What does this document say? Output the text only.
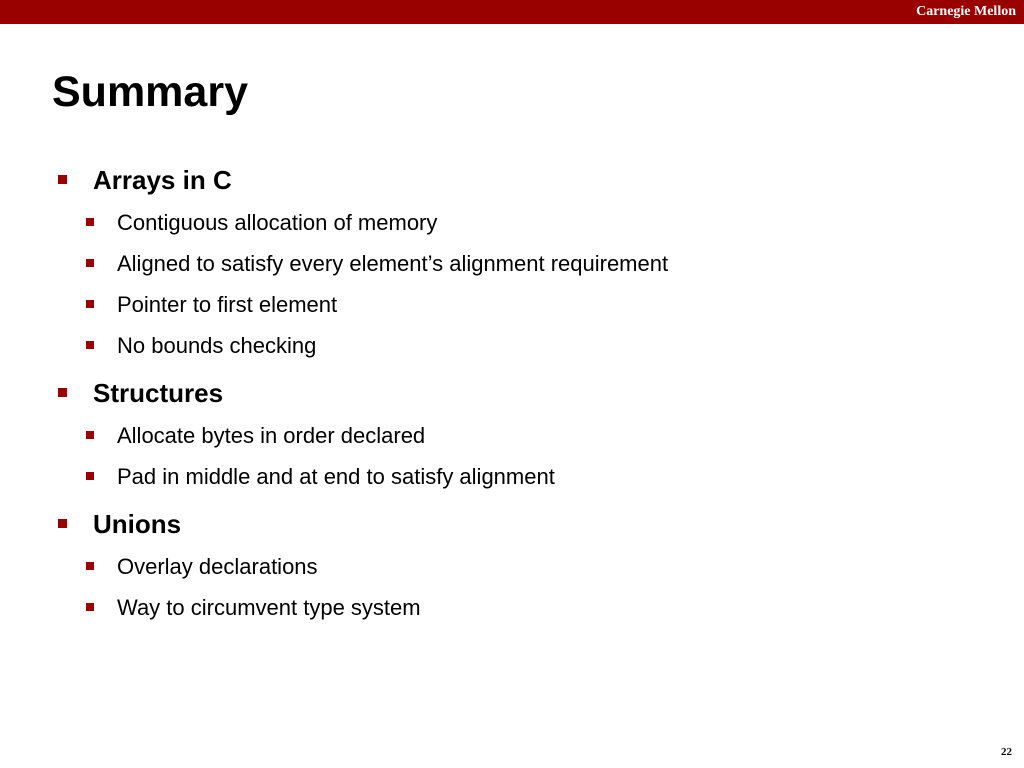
Carnegie Mellon
Summary
Arrays in C
Contiguous allocation of memory
Aligned to satisfy every element’s alignment requirement
Pointer to first element
No bounds checking
Structures
Allocate bytes in order declared
Pad in middle and at end to satisfy alignment
Unions
Overlay declarations
Way to circumvent type system
22
